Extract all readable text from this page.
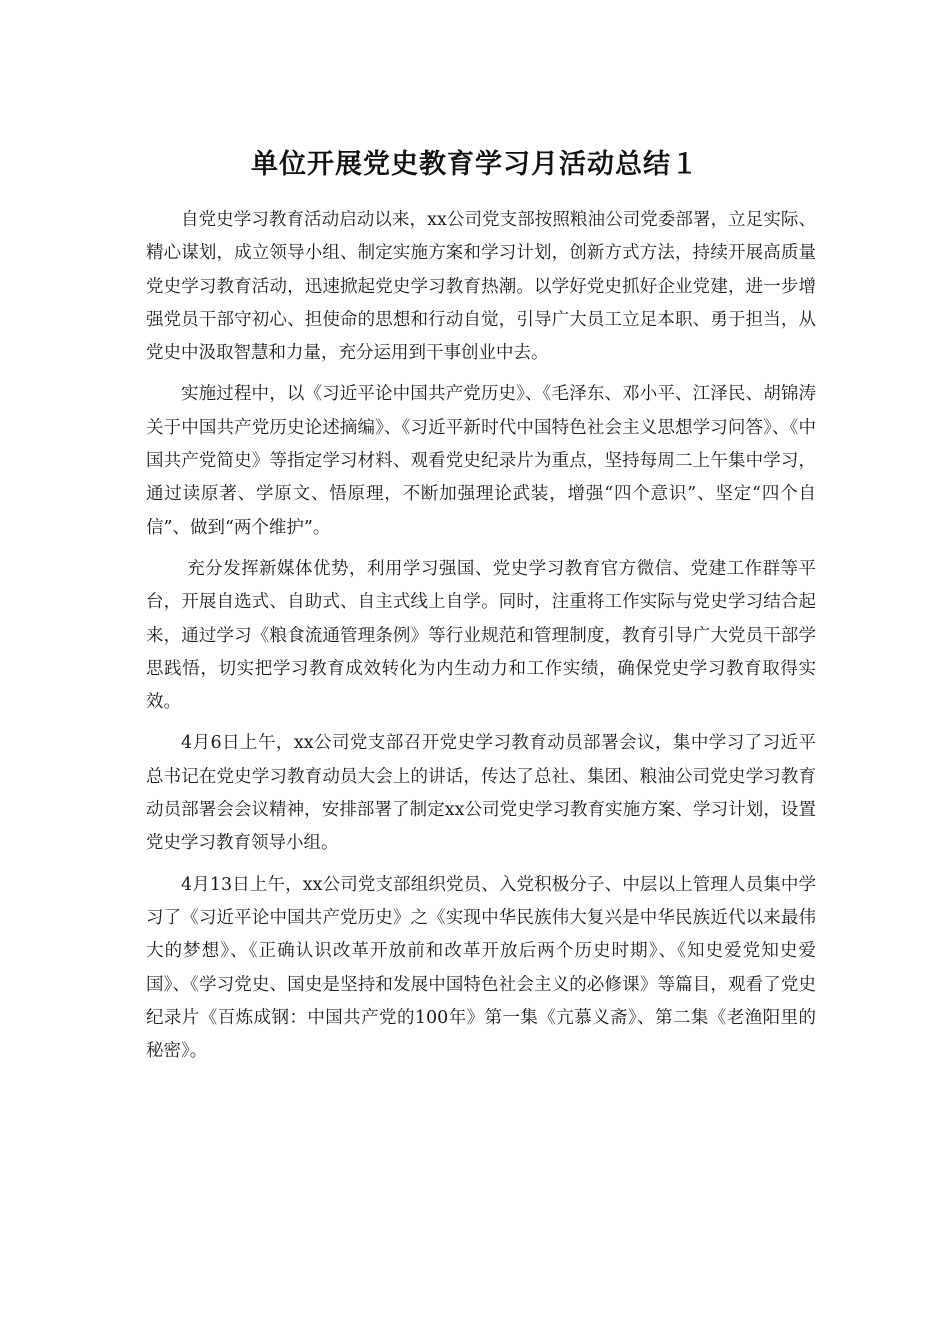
单位开展党史教育学习月活动总结１

自党史学习教育活动启动以来，xx公司党支部按照粮油公司党委部署，立足实际、精心谋划，成立领导小组、制定实施方案和学习计划，创新方式方法，持续开展高质量党史学习教育活动，迅速掀起党史学习教育热潮。以学好党史抓好企业党建，进一步增强党员干部守初心、担使命的思想和行动自觉，引导广大员工立足本职、勇于担当，从党史中汲取智慧和力量，充分运用到干事创业中去。

实施过程中，以《习近平论中国共产党历史》、《毛泽东、邓小平、江泽民、胡锦涛关于中国共产党历史论述摘编》、《习近平新时代中国特色社会主义思想学习问答》、《中国共产党简史》等指定学习材料、观看党史纪录片为重点，坚持每周二上午集中学习，通过读原著、学原文、悟原理，不断加强理论武装，增强“四个意识”、坚定“四个自信”、做到“两个维护”。

充分发挥新媒体优势，利用学习强国、党史学习教育官方微信、党建工作群等平台，开展自选式、自助式、自主式线上自学。同时，注重将工作实际与党史学习结合起来，通过学习《粮食流通管理条例》等行业规范和管理制度，教育引导广大党员干部学思践悟，切实把学习教育成效转化为内生动力和工作实绩，确保党史学习教育取得实效。

4月6日上午，xx公司党支部召开党史学习教育动员部署会议，集中学习了习近平总书记在党史学习教育动员大会上的讲话，传达了总社、集团、粮油公司党史学习教育动员部署会会议精神，安排部署了制定xx公司党史学习教育实施方案、学习计划，设置党史学习教育领导小组。

4月13日上午，xx公司党支部组织党员、入党积极分子、中层以上管理人员集中学习了《习近平论中国共产党历史》之《实现中华民族伟大复兴是中华民族近代以来最伟大的梦想》、《正确认识改革开放前和改革开放后两个历史时期》、《知史爱党知史爱国》、《学习党史、国史是坚持和发展中国特色社会主义的必修课》等篇目，观看了党史纪录片《百炼成钢：中国共产党的100年》第一集《亢慕义斋》、第二集《老渔阳里的秘密》。
